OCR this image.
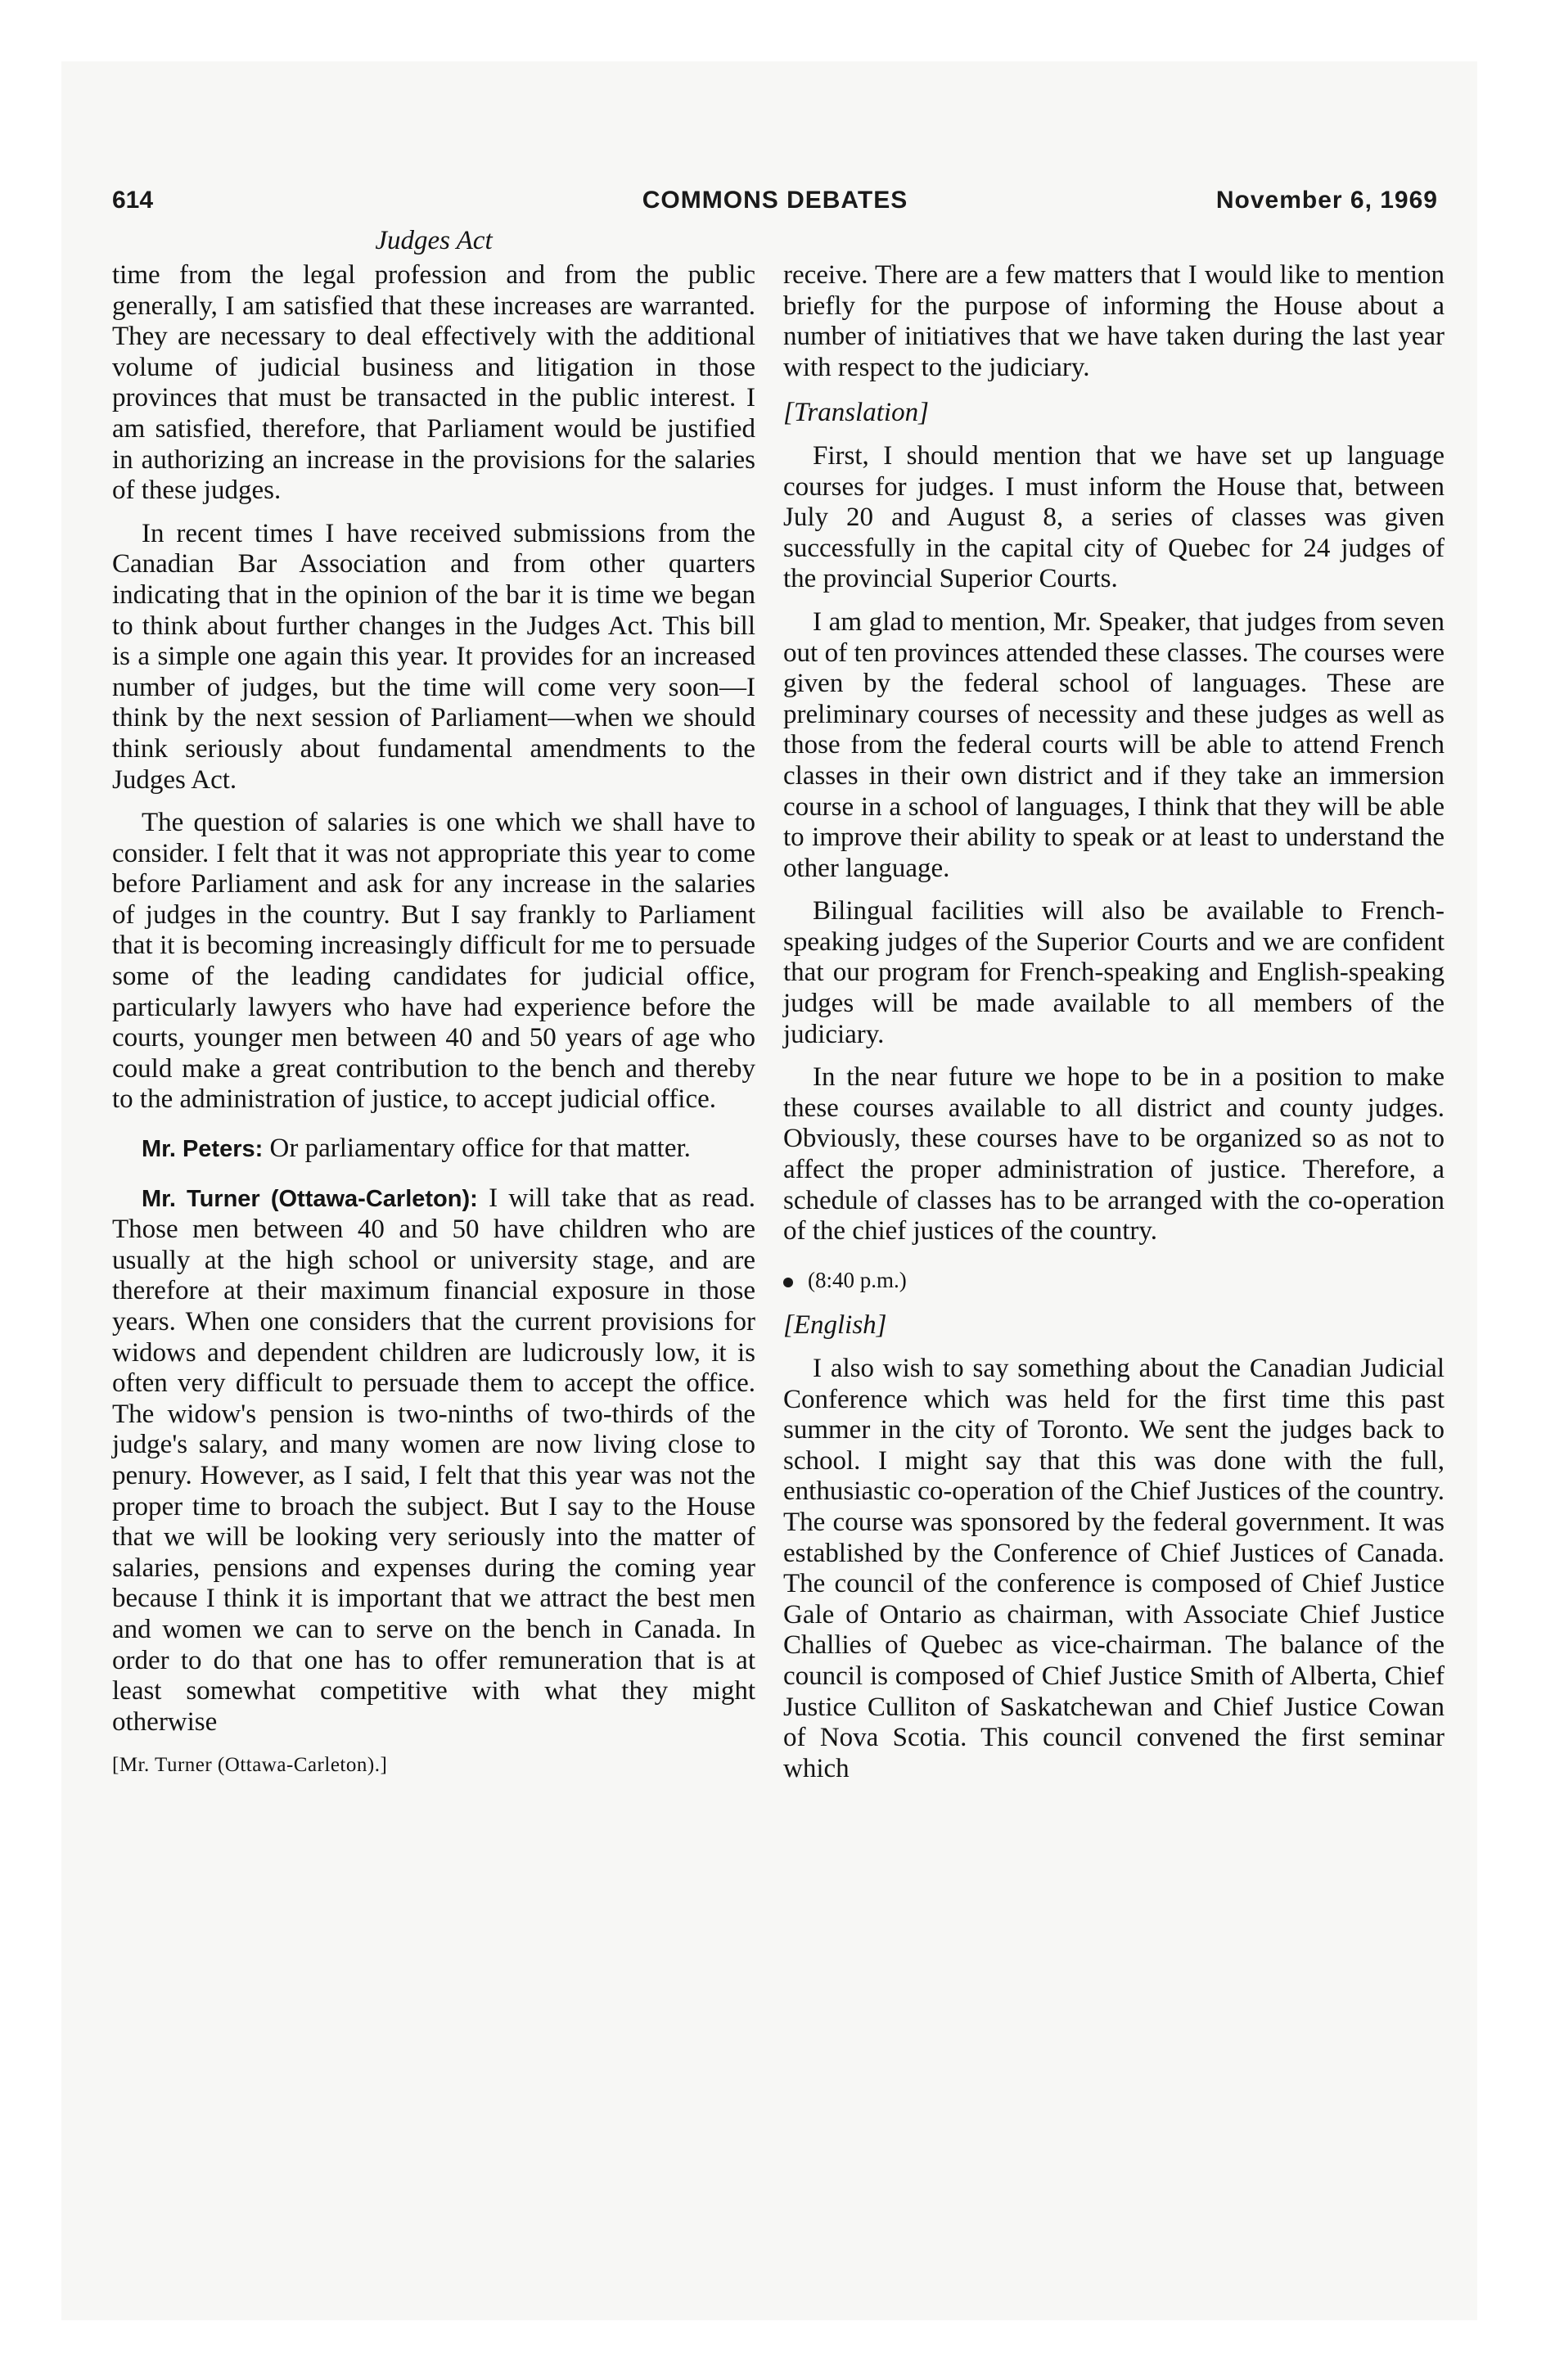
614	COMMONS DEBATES	November 6, 1969
Judges Act

time from the legal profession and from the public generally, I am satisfied that these increases are warranted. They are necessary to deal effectively with the additional volume of judicial business and litigation in those provinces that must be transacted in the public interest. I am satisfied, therefore, that Parliament would be justified in authorizing an increase in the provisions for the salaries of these judges.

In recent times I have received submissions from the Canadian Bar Association and from other quarters indicating that in the opinion of the bar it is time we began to think about further changes in the Judges Act. This bill is a simple one again this year. It provides for an increased number of judges, but the time will come very soon—I think by the next session of Parliament—when we should think seriously about fundamental amendments to the Judges Act.

The question of salaries is one which we shall have to consider. I felt that it was not appropriate this year to come before Parliament and ask for any increase in the salaries of judges in the country. But I say frankly to Parliament that it is becoming increasingly difficult for me to persuade some of the leading candidates for judicial office, particularly lawyers who have had experience before the courts, younger men between 40 and 50 years of age who could make a great contribution to the bench and thereby to the administration of justice, to accept judicial office.

Mr. Peters: Or parliamentary office for that matter.

Mr. Turner (Ottawa-Carleton): I will take that as read. Those men between 40 and 50 have children who are usually at the high school or university stage, and are therefore at their maximum financial exposure in those years. When one considers that the current provisions for widows and dependent children are ludicrously low, it is often very difficult to persuade them to accept the office. The widow's pension is two-ninths of two-thirds of the judge's salary, and many women are now living close to penury. However, as I said, I felt that this year was not the proper time to broach the subject. But I say to the House that we will be looking very seriously into the matter of salaries, pensions and expenses during the coming year because I think it is important that we attract the best men and women we can to serve on the bench in Canada. In order to do that one has to offer remuneration that is at least somewhat competitive with what they might otherwise

[Mr. Turner (Ottawa-Carleton).]

receive. There are a few matters that I would like to mention briefly for the purpose of informing the House about a number of initiatives that we have taken during the last year with respect to the judiciary.

[Translation]

First, I should mention that we have set up language courses for judges. I must inform the House that, between July 20 and August 8, a series of classes was given successfully in the capital city of Quebec for 24 judges of the provincial Superior Courts.

I am glad to mention, Mr. Speaker, that judges from seven out of ten provinces attended these classes. The courses were given by the federal school of languages. These are preliminary courses of necessity and these judges as well as those from the federal courts will be able to attend French classes in their own district and if they take an immersion course in a school of languages, I think that they will be able to improve their ability to speak or at least to understand the other language.

Bilingual facilities will also be available to French-speaking judges of the Superior Courts and we are confident that our program for French-speaking and English-speaking judges will be made available to all members of the judiciary.

In the near future we hope to be in a position to make these courses available to all district and county judges. Obviously, these courses have to be organized so as not to affect the proper administration of justice. Therefore, a schedule of classes has to be arranged with the co-operation of the chief justices of the country.

(8:40 p.m.)

[English]

I also wish to say something about the Canadian Judicial Conference which was held for the first time this past summer in the city of Toronto. We sent the judges back to school. I might say that this was done with the full, enthusiastic co-operation of the Chief Justices of the country. The course was sponsored by the federal government. It was established by the Conference of Chief Justices of Canada. The council of the conference is composed of Chief Justice Gale of Ontario as chairman, with Associate Chief Justice Challies of Quebec as vice-chairman. The balance of the council is composed of Chief Justice Smith of Alberta, Chief Justice Culliton of Saskatchewan and Chief Justice Cowan of Nova Scotia. This council convened the first seminar which
